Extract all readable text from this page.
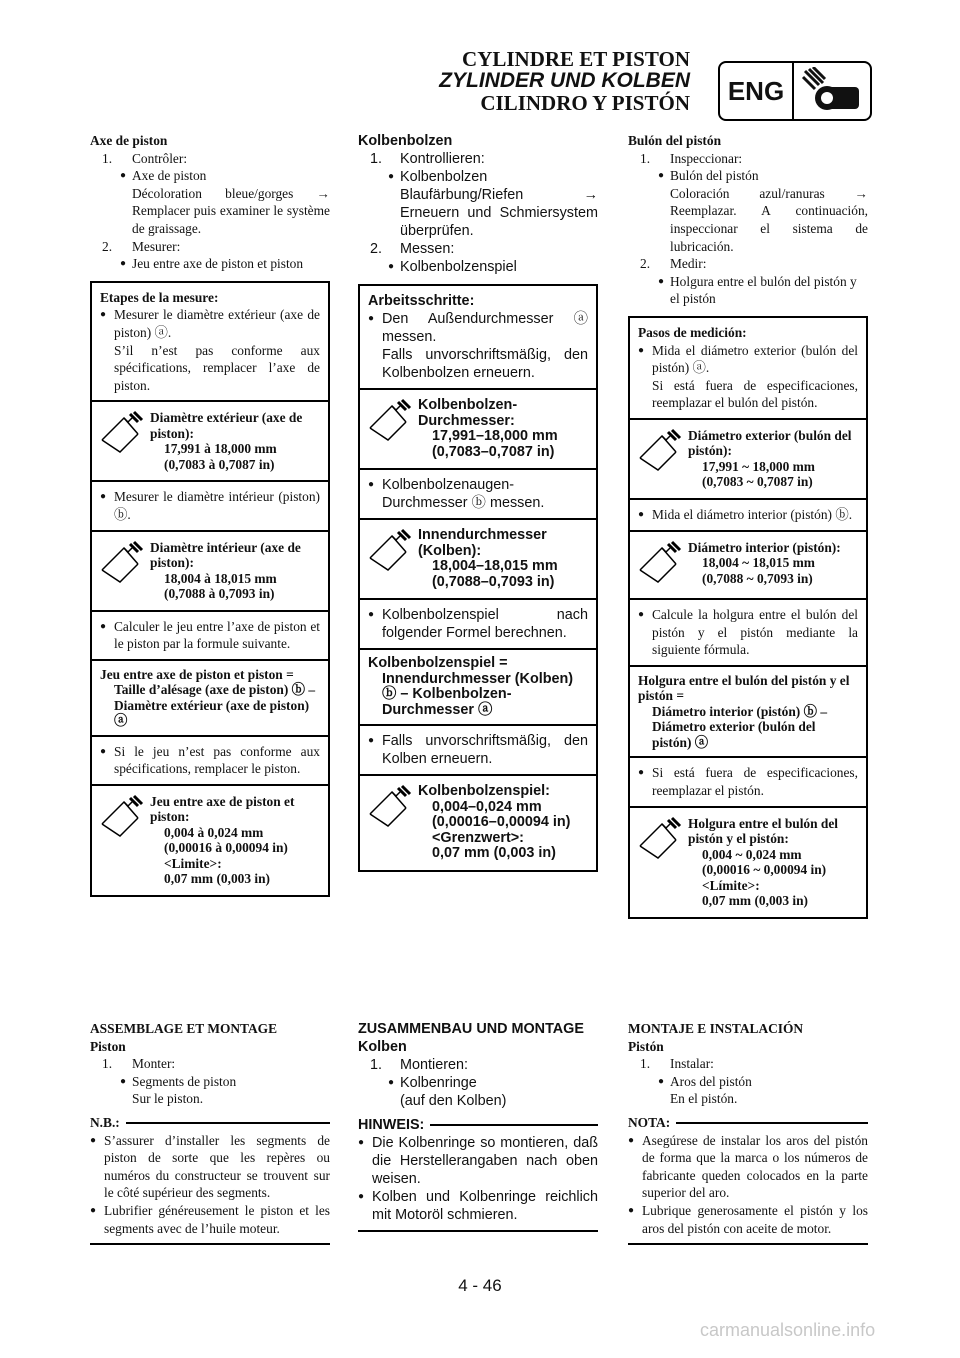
CYLINDRE ET PISTON
ZYLINDER UND KOLBEN
CILINDRO Y PISTÓN	ENG
Axe de piston
1.	Contrôler:
● Axe de piston
Décoloration bleue/gorges → Remplacer puis examiner le système de graissage.
2.	Mesurer:
● Jeu entre axe de piston et piston
Etapes de la mesure:
● Mesurer le diamètre extérieur (axe de piston) ⓐ.
S’il n’est pas conforme aux spécifications, remplacer l’axe de piston.
Diamètre extérieur (axe de piston):
17,991 à 18,000 mm
(0,7083 à 0,7087 in)
● Mesurer le diamètre intérieur (piston) ⓑ.
Diamètre intérieur (axe de piston):
18,004 à 18,015 mm
(0,7088 à 0,7093 in)
● Calculer le jeu entre l’axe de piston et le piston par la formule suivante.
Jeu entre axe de piston et piston =
Taille d’alésage (axe de piston) ⓑ – Diamètre extérieur (axe de piston) ⓐ
● Si le jeu n’est pas conforme aux spécifications, remplacer le piston.
Jeu entre axe de piston et piston:
0,004 à 0,024 mm
(0,00016 à 0,00094 in)
<Limite>:
0,07 mm (0,003 in)
Kolbenbolzen
1.	Kontrollieren:
● Kolbenbolzen
Blaufärbung/Riefen → Erneuern und Schmiersystem überprüfen.
2.	Messen:
● Kolbenbolzenspiel
Arbeitsschritte:
● Den Außendurchmesser ⓐ messen.
Falls unvorschriftsmäßig, den Kolbenbolzen erneuern.
Kolbenbolzen-Durchmesser:
17,991–18,000 mm
(0,7083–0,7087 in)
● Kolbenbolzenaugen-Durchmesser ⓑ messen.
Innendurchmesser (Kolben):
18,004–18,015 mm
(0,7088–0,7093 in)
● Kolbenbolzenspiel nach folgender Formel berechnen.
Kolbenbolzenspiel =
Innendurchmesser (Kolben) ⓑ – Kolbenbolzen-Durchmesser ⓐ
● Falls unvorschriftsmäßig, den Kolben erneuern.
Kolbenbolzenspiel:
0,004–0,024 mm
(0,00016–0,00094 in)
<Grenzwert>:
0,07 mm (0,003 in)
Bulón del pistón
1.	Inspeccionar:
● Bulón del pistón
Coloración azul/ranuras → Reemplazar. A continuación, inspeccionar el sistema de lubricación.
2.	Medir:
● Holgura entre el bulón del pistón y el pistón
Pasos de medición:
● Mida el diámetro exterior (bulón del pistón) ⓐ.
Si está fuera de especificaciones, reemplazar el bulón del pistón.
Diámetro exterior (bulón del pistón):
17,991 ~ 18,000 mm
(0,7083 ~ 0,7087 in)
● Mida el diámetro interior (pistón) ⓑ.
Diámetro interior (pistón):
18,004 ~ 18,015 mm
(0,7088 ~ 0,7093 in)
● Calcule la holgura entre el bulón del pistón y el pistón mediante la siguiente fórmula.
Holgura entre el bulón del pistón y el pistón =
Diámetro interior (pistón) ⓑ – Diámetro exterior (bulón del pistón) ⓐ
● Si está fuera de especificaciones, reemplazar el pistón.
Holgura entre el bulón del pistón y el pistón:
0,004 ~ 0,024 mm
(0,00016 ~ 0,00094 in)
<Límite>:
0,07 mm (0,003 in)
ASSEMBLAGE ET MONTAGE
Piston
1.	Monter:
● Segments de piston
Sur le piston.
N.B.:
● S’assurer d’installer les segments de piston de sorte que les repères ou numéros du constructeur se trouvent sur le côté supérieur des segments.
● Lubrifier généreusement le piston et les segments avec de l’huile moteur.
ZUSAMMENBAU UND MONTAGE
Kolben
1.	Montieren:
● Kolbenringe
(auf den Kolben)
HINWEIS:
● Die Kolbenringe so montieren, daß die Herstellerangaben nach oben weisen.
● Kolben und Kolbenringe reichlich mit Motoröl schmieren.
MONTAJE E INSTALACIÓN
Pistón
1.	Instalar:
● Aros del pistón
En el pistón.
NOTA:
● Asegúrese de instalar los aros del pistón de forma que la marca o los números de fabricante queden colocados en la parte superior del aro.
● Lubrique generosamente el pistón y los aros del pistón con aceite de motor.
4 - 46
carmanualsonline.info
